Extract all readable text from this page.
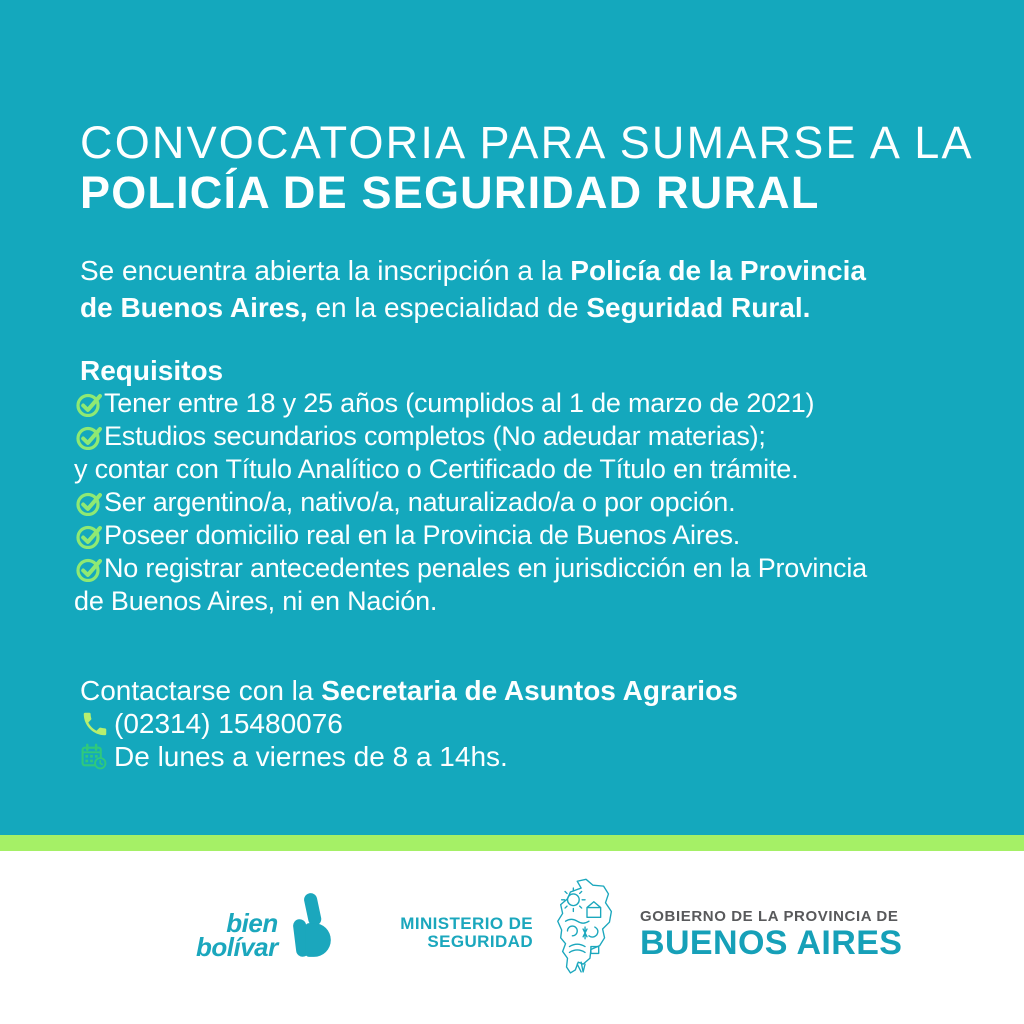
CONVOCATORIA PARA SUMARSE A LA
POLICÍA DE SEGURIDAD RURAL

Se encuentra abierta la inscripción a la Policía de la Provincia
de Buenos Aires, en la especialidad de Seguridad Rural.

Requisitos
Tener entre 18 y 25 años (cumplidos al 1 de marzo de 2021)
Estudios secundarios completos (No adeudar materias);
y contar con Título Analítico o Certificado de Título en trámite.
Ser argentino/a, nativo/a, naturalizado/a o por opción.
Poseer domicilio real en la Provincia de Buenos Aires.
No registrar antecedentes penales en jurisdicción en la Provincia
de Buenos Aires, ni en Nación.
Contactarse con la Secretaria de Asuntos Agrarios
(02314) 15480076
De lunes a viernes de 8 a 14hs.
bien
bolívar
MINISTERIO DE
SEGURIDAD
GOBIERNO DE LA PROVINCIA DE
BUENOS AIRES
